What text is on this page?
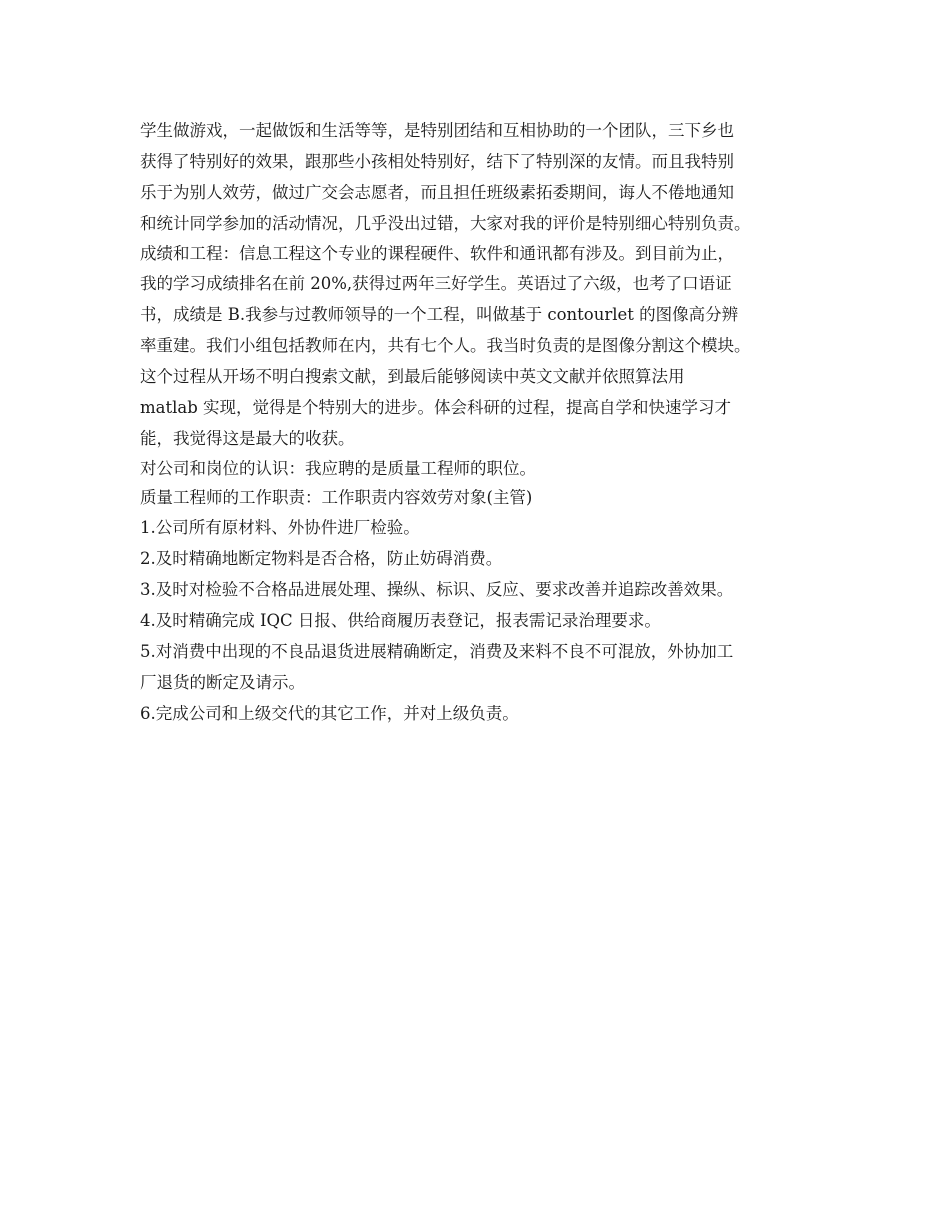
学生做游戏，一起做饭和生活等等，是特别团结和互相协助的一个团队，三下乡也
获得了特别好的效果，跟那些小孩相处特别好，结下了特别深的友情。而且我特别
乐于为别人效劳，做过广交会志愿者，而且担任班级素拓委期间，诲人不倦地通知
和统计同学参加的活动情况，几乎没出过错，大家对我的评价是特别细心特别负责。
成绩和工程：信息工程这个专业的课程硬件、软件和通讯都有涉及。到目前为止，
我的学习成绩排名在前 20%,获得过两年三好学生。英语过了六级，也考了口语证
书，成绩是 B.我参与过教师领导的一个工程，叫做基于 contourlet 的图像高分辨
率重建。我们小组包括教师在内，共有七个人。我当时负责的是图像分割这个模块。
这个过程从开场不明白搜索文献，到最后能够阅读中英文文献并依照算法用
matlab 实现，觉得是个特别大的进步。体会科研的过程，提高自学和快速学习才
能，我觉得这是最大的收获。
对公司和岗位的认识：我应聘的是质量工程师的职位。
质量工程师的工作职责：工作职责内容效劳对象(主管)
1.公司所有原材料、外协件进厂检验。
2.及时精确地断定物料是否合格，防止妨碍消费。
3.及时对检验不合格品进展处理、操纵、标识、反应、要求改善并追踪改善效果。
4.及时精确完成 IQC 日报、供给商履历表登记，报表需记录治理要求。
5.对消费中出现的不良品退货进展精确断定，消费及来料不良不可混放，外协加工
厂退货的断定及请示。
6.完成公司和上级交代的其它工作，并对上级负责。
